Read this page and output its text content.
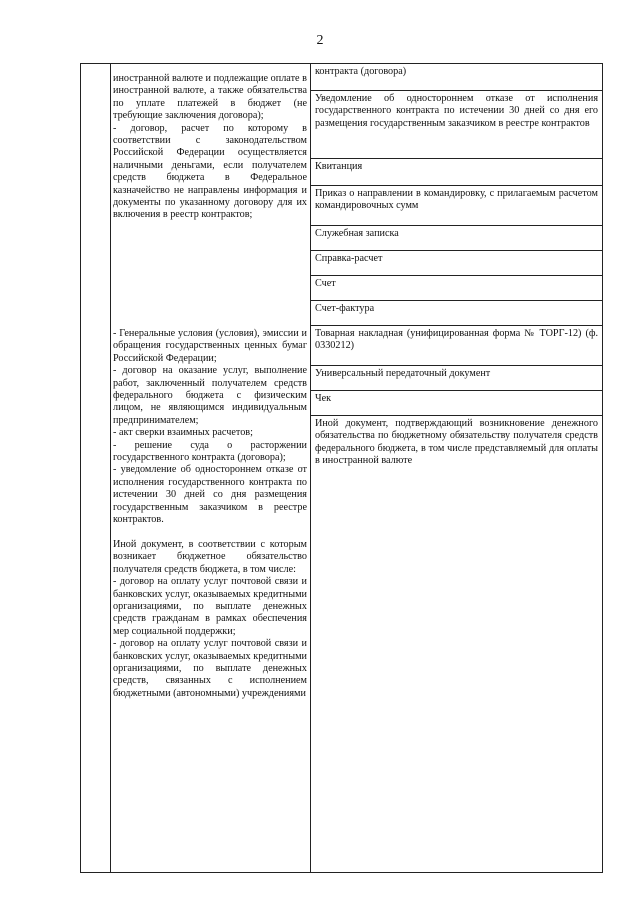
2

иностранной валюте и подлежащие оплате в иностранной валюте, а также обязательства по уплате платежей в бюджет (не требующие заключения договора);

- договор, расчет по которому в соответствии с законодательством Российской Федерации осуществляется наличными деньгами, если получателем средств бюджета в Федеральное казначейство не направлены информация и документы по указанному договору для их включения в реестр контрактов;

- Генеральные условия (условия), эмиссии и обращения государственных ценных бумаг Российской Федерации;

- договор на оказание услуг, выполнение работ, заключенный получателем средств федерального бюджета с физическим лицом, не являющимся индивидуальным предпринимателем;

- акт сверки взаимных расчетов;

- решение суда о расторжении государственного контракта (договора);

- уведомление об одностороннем отказе от исполнения государственного контракта по истечении 30 дней со дня размещения государственным заказчиком в реестре контрактов.

Иной документ, в соответствии с которым возникает бюджетное обязательство получателя средств бюджета, в том числе:

- договор на оплату услуг почтовой связи и банковских услуг, оказываемых кредитными организациями, по выплате денежных средств гражданам в рамках обеспечения мер социальной поддержки;

- договор на оплату услуг почтовой связи и банковских услуг, оказываемых кредитными организациями, по выплате денежных средств, связанных с исполнением бюджетными (автономными) учреждениями

контракта (договора)
Уведомление об одностороннем отказе от исполнения государственного контракта по истечении 30 дней со дня его размещения государственным заказчиком в реестре контрактов
Квитанция
Приказ о направлении в командировку, с прилагаемым расчетом командировочных сумм
Служебная записка
Справка-расчет
Счет
Счет-фактура
Товарная накладная (унифицированная форма № ТОРГ-12) (ф. 0330212)
Универсальный передаточный документ
Чек
Иной документ, подтверждающий возникновение денежного обязательства по бюджетному обязательству получателя средств федерального бюджета, в том числе представляемый для оплаты в иностранной валюте
